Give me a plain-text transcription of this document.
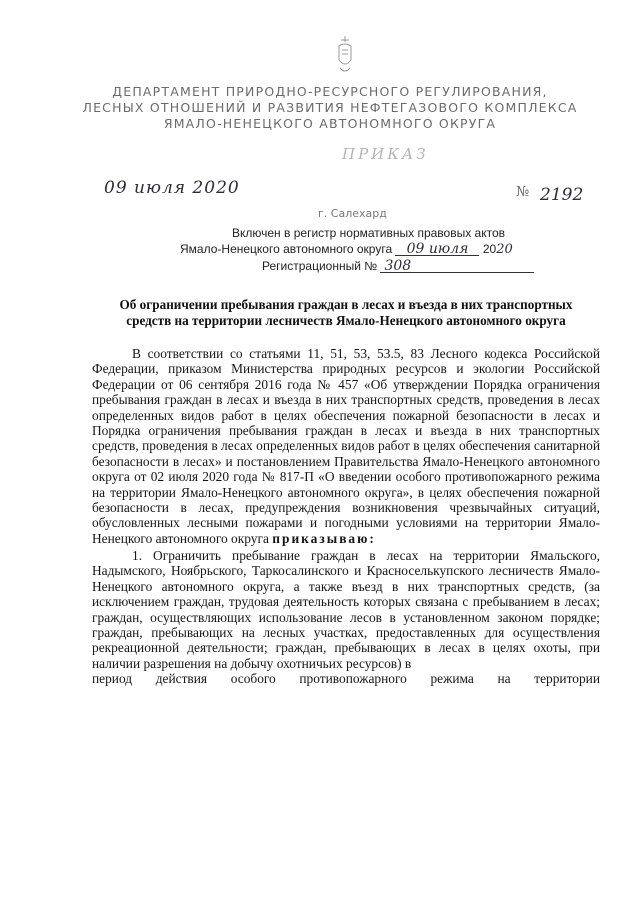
ДЕПАРТАМЕНТ ПРИРОДНО-РЕСУРСНОГО РЕГУЛИРОВАНИЯ,
ЛЕСНЫХ ОТНОШЕНИЙ И РАЗВИТИЯ НЕФТЕГАЗОВОГО КОМПЛЕКСА
ЯМАЛО-НЕНЕЦКОГО АВТОНОМНОГО ОКРУГА
ПРИКАЗ
09 июля 2020	№ 2192
г. Салехард
Включен в регистр нормативных правовых актов
Ямало-Ненецкого автономного округа 09 июля 2020
Регистрационный № 308
Об ограничении пребывания граждан в лесах и въезда в них транспортных
средств на территории лесничеств Ямало-Ненецкого автономного округа

В соответствии со статьями 11, 51, 53, 53.5, 83 Лесного кодекса Российской Федерации, приказом Министерства природных ресурсов и экологии Российской Федерации от 06 сентября 2016 года № 457 «Об утверждении Порядка ограничения пребывания граждан в лесах и въезда в них транспортных средств, проведения в лесах определенных видов работ в целях обеспечения пожарной безопасности в лесах и Порядка ограничения пребывания граждан в лесах и въезда в них транспортных средств, проведения в лесах определенных видов работ в целях обеспечения санитарной безопасности в лесах» и постановлением Правительства Ямало-Ненецкого автономного округа от 02 июля 2020 года № 817-П «О введении особого противопожарного режима на территории Ямало-Ненецкого автономного округа», в целях обеспечения пожарной безопасности в лесах, предупреждения возникновения чрезвычайных ситуаций, обусловленных лесными пожарами и погодными условиями на территории Ямало-Ненецкого автономного округа приказываю:

1. Ограничить пребывание граждан в лесах на территории Ямальского, Надымского, Ноябрьского, Таркосалинского и Красноселькупского лесничеств Ямало-Ненецкого автономного округа, а также въезд в них транспортных средств, (за исключением граждан, трудовая деятельность которых связана с пребыванием в лесах; граждан, осуществляющих использование лесов в установленном законом порядке; граждан, пребывающих на лесных участках, предоставленных для осуществления рекреационной деятельности; граждан, пребывающих в лесах в целях охоты, при наличии разрешения на добычу охотничьих ресурсов) в

период действия особого противопожарного режима на территории
